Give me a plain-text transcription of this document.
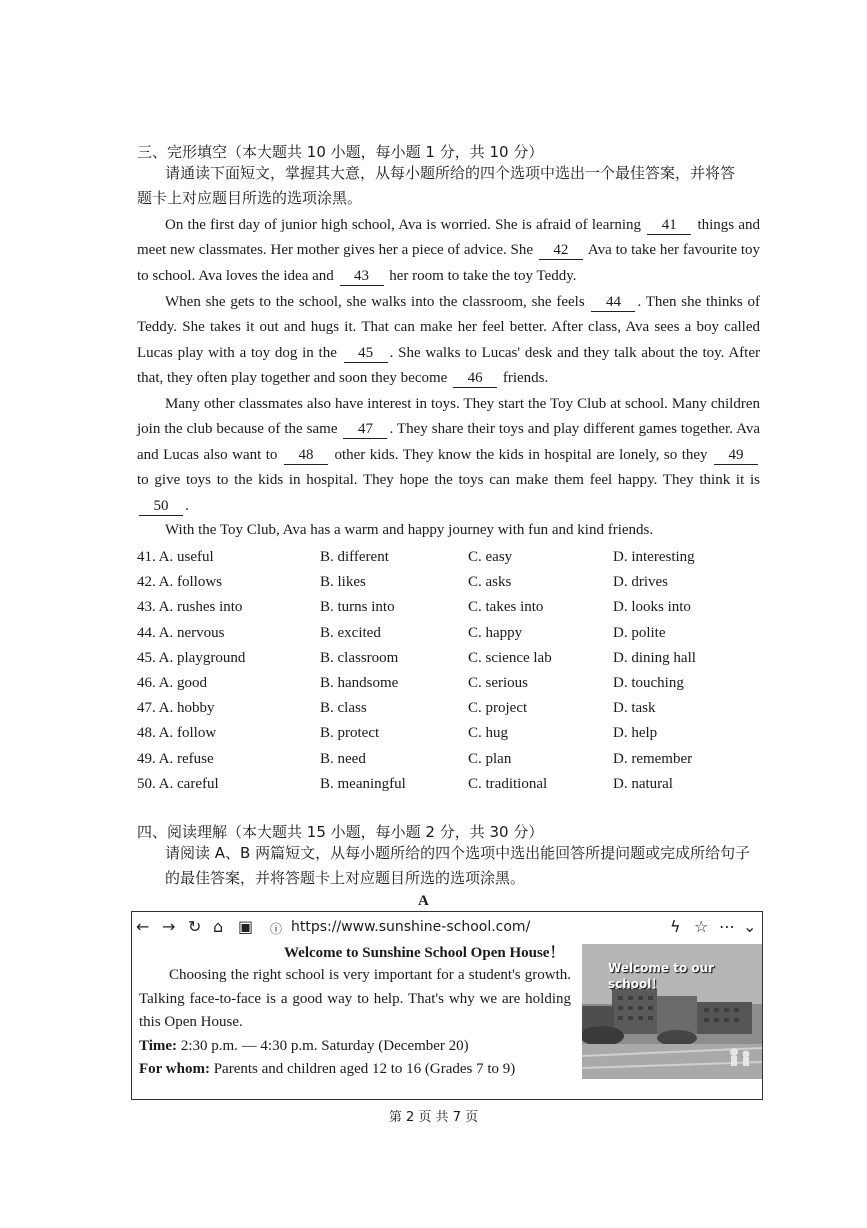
三、完形填空（本大题共 10 小题，每小题 1 分，共 10 分）
请通读下面短文，掌握其大意，从每小题所给的四个选项中选出一个最佳答案，并将答
题卡上对应题目所选的选项涂黑。
On the first day of junior high school, Ava is worried. She is afraid of learning 41 things and meet new classmates. Her mother gives her a piece of advice. She 42 Ava to take her favourite toy to school. Ava loves the idea and 43 her room to take the toy Teddy.
When she gets to the school, she walks into the classroom, she feels 44 . Then she thinks of Teddy. She takes it out and hugs it. That can make her feel better. After class, Ava sees a boy called Lucas play with a toy dog in the 45 . She walks to Lucas' desk and they talk about the toy. After that, they often play together and soon they become 46 friends.
Many other classmates also have interest in toys. They start the Toy Club at school. Many children join the club because of the same 47 . They share their toys and play different games together. Ava and Lucas also want to 48 other kids. They know the kids in hospital are lonely, so they 49 to give toys to the kids in hospital. They hope the toys can make them feel happy. They think it is 50 .
With the Toy Club, Ava has a warm and happy journey with fun and kind friends.
41. A. useful	B. different	C. easy	D. interesting
42. A. follows	B. likes	C. asks	D. drives
43. A. rushes into	B. turns into	C. takes into	D. looks into
44. A. nervous	B. excited	C. happy	D. polite
45. A. playground	B. classroom	C. science lab	D. dining hall
46. A. good	B. handsome	C. serious	D. touching
47. A. hobby	B. class	C. project	D. task
48. A. follow	B. protect	C. hug	D. help
49. A. refuse	B. need	C. plan	D. remember
50. A. careful	B. meaningful	C. traditional	D. natural
四、阅读理解（本大题共 15 小题，每小题 2 分，共 30 分）
请阅读 A、B 两篇短文，从每小题所给的四个选项中选出能回答所提问题或完成所给句子
的最佳答案，并将答题卡上对应题目所选的选项涂黑。
A
← → ↻ ⌂ ▣ ⓘ https://www.sunshine-school.com/	ϟ ☆ ⋯ ⌄
Welcome to Sunshine School Open House！

Choosing the right school is very important for a student's growth. Talking face-to-face is a good way to help. That's why we are holding this Open House.

Time: 2:30 p.m. — 4:30 p.m. Saturday (December 20)
For whom: Parents and children aged 12 to 16 (Grades 7 to 9)
Welcome to our school！
第 2 页 共 7 页
